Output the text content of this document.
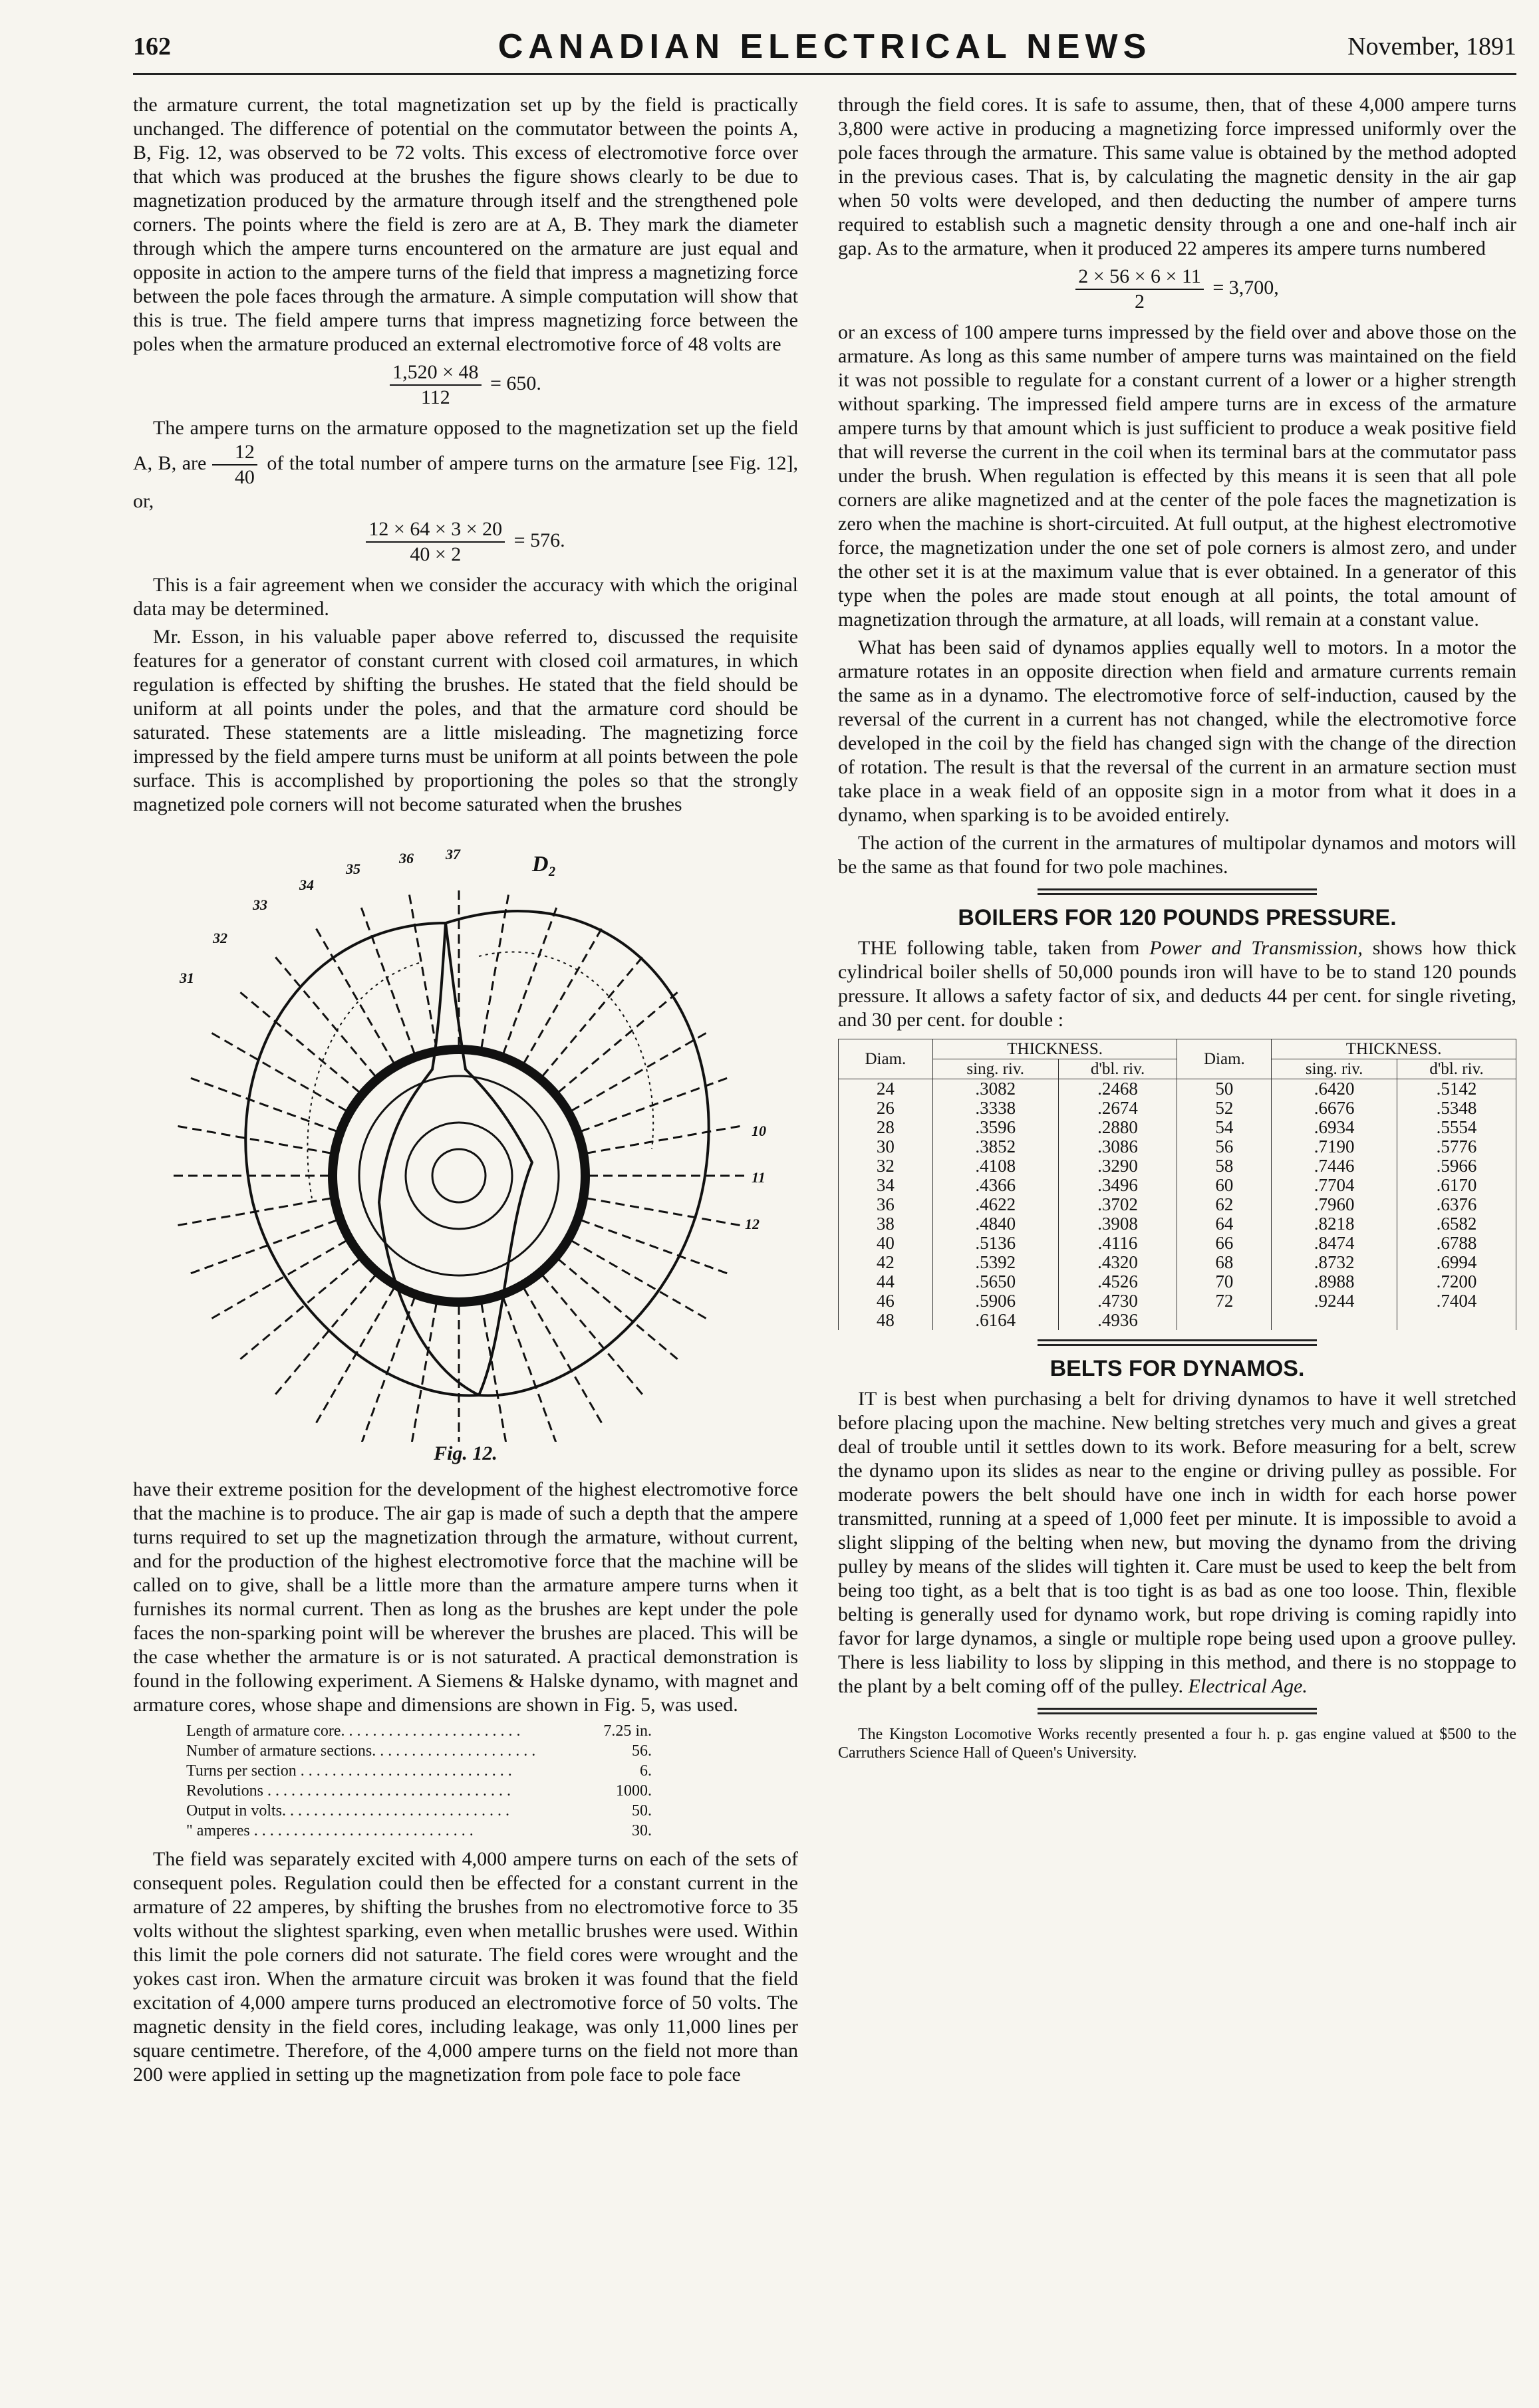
162	CANADIAN ELECTRICAL NEWS	November, 1891

the armature current, the total magnetization set up by the field is practically unchanged. The difference of potential on the commutator between the points A, B, Fig. 12, was observed to be 72 volts. This excess of electromotive force over that which was produced at the brushes the figure shows clearly to be due to magnetization produced by the armature through itself and the strengthened pole corners. The points where the field is zero are at A, B. They mark the diameter through which the ampere turns encountered on the armature are just equal and opposite in action to the ampere turns of the field that impress a magnetizing force between the pole faces through the armature. A simple computation will show that this is true. The field ampere turns that impress magnetizing force between the poles when the armature produced an external electromotive force of 48 volts are

$\frac{1,520 \times 48}{112} = 650$.

The ampere turns on the armature opposed to the magnetization set up the field A, B, are $\frac{12}{40}$ of the total number of ampere turns on the armature [see Fig. 12], or,

$\frac{12 \times 64 \times 3 \times 20}{40 \times 2} = 576$.

This is a fair agreement when we consider the accuracy with which the original data may be determined.

Mr. Esson, in his valuable paper above referred to, discussed the requisite features for a generator of constant current with closed coil armatures, in which regulation is effected by shifting the brushes. He stated that the field should be uniform at all points under the poles, and that the armature cord should be saturated. These statements are a little misleading. The magnetizing force impressed by the field ampere turns must be uniform at all points between the pole surface. This is accomplished by proportioning the poles so that the strongly magnetized pole corners will not become saturated when the brushes

D₂
10
11
12
31
32
33
34
35
36 37
Fig. 12.

have their extreme position for the development of the highest electromotive force that the machine is to produce. The air gap is made of such a depth that the ampere turns required to set up the magnetization through the armature, without current, and for the production of the highest electromotive force that the machine will be called on to give, shall be a little more than the armature ampere turns when it furnishes its normal current. Then as long as the brushes are kept under the pole faces the non-sparking point will be wherever the brushes are placed. This will be the case whether the armature is or is not saturated. A practical demonstration is found in the following experiment. A Siemens & Halske dynamo, with magnet and armature cores, whose shape and dimensions are shown in Fig. 5, was used.

Length of armature core. . . . . . . . . . . . . . . . . . . . . . .	7.25 in.
Number of armature sections. . . . . . . . . . . . . . . . . . . . .	56.
Turns per section . . . . . . . . . . . . . . . . . . . . . . . . . . .	6.
Revolutions . . . . . . . . . . . . . . . . . . . . . . . . . . . . . . .	1000.
Output in volts. . . . . . . . . . . . . . . . . . . . . . . . . . . . .	50.
" amperes . . . . . . . . . . . . . . . . . . . . . . . . . . . .	30.

The field was separately excited with 4,000 ampere turns on each of the sets of consequent poles. Regulation could then be effected for a constant current in the armature of 22 amperes, by shifting the brushes from no electromotive force to 35 volts without the slightest sparking, even when metallic brushes were used. Within this limit the pole corners did not saturate. The field cores were wrought and the yokes cast iron. When the armature circuit was broken it was found that the field excitation of 4,000 ampere turns produced an electromotive force of 50 volts. The magnetic density in the field cores, including leakage, was only 11,000 lines per square centimetre. Therefore, of the 4,000 ampere turns on the field not more than 200 were applied in setting up the magnetization from pole face to pole face

through the field cores. It is safe to assume, then, that of these 4,000 ampere turns 3,800 were active in producing a magnetizing force impressed uniformly over the pole faces through the armature. This same value is obtained by the method adopted in the previous cases. That is, by calculating the magnetic density in the air gap when 50 volts were developed, and then deducting the number of ampere turns required to establish such a magnetic density through a one and one-half inch air gap. As to the armature, when it produced 22 amperes its ampere turns numbered

$\frac{2 \times 56 \times 6 \times 11}{2} = 3,700$,

or an excess of 100 ampere turns impressed by the field over and above those on the armature. As long as this same number of ampere turns was maintained on the field it was not possible to regulate for a constant current of a lower or a higher strength without sparking. The impressed field ampere turns are in excess of the armature ampere turns by that amount which is just sufficient to produce a weak positive field that will reverse the current in the coil when its terminal bars at the commutator pass under the brush. When regulation is effected by this means it is seen that all pole corners are alike magnetized and at the center of the pole faces the magnetization is zero when the machine is short-circuited. At full output, at the highest electromotive force, the magnetization under the one set of pole corners is almost zero, and under the other set it is at the maximum value that is ever obtained. In a generator of this type when the poles are made stout enough at all points, the total amount of magnetization through the armature, at all loads, will remain at a constant value.

What has been said of dynamos applies equally well to motors. In a motor the armature rotates in an opposite direction when field and armature currents remain the same as in a dynamo. The electromotive force of self-induction, caused by the reversal of the current in a current has not changed, while the electromotive force developed in the coil by the field has changed sign with the change of the direction of rotation. The result is that the reversal of the current in an armature section must take place in a weak field of an opposite sign in a motor from what it does in a dynamo, when sparking is to be avoided entirely.

The action of the current in the armatures of multipolar dynamos and motors will be the same as that found for two pole machines.

BOILERS FOR 120 POUNDS PRESSURE.

THE following table, taken from Power and Transmission, shows how thick cylindrical boiler shells of 50,000 pounds iron will have to be to stand 120 pounds pressure. It allows a safety factor of six, and deducts 44 per cent. for single riveting, and 30 per cent. for double :

Diam.	THICKNESS.		Diam.	THICKNESS.	
	sing. riv.	d'bl. riv.		sing. riv.	d'bl. riv.
24	.3082	.2468	50	.6420	.5142
26	.3338	.2674	52	.6676	.5348
28	.3596	.2880	54	.6934	.5554
30	.3852	.3086	56	.7190	.5776
32	.4108	.3290	58	.7446	.5966
34	.4366	.3496	60	.7704	.6170
36	.4622	.3702	62	.7960	.6376
38	.4840	.3908	64	.8218	.6582
40	.5136	.4116	66	.8474	.6788
42	.5392	.4320	68	.8732	.6994
44	.5650	.4526	70	.8988	.7200
46	.5906	.4730	72	.9244	.7404
48	.6164	.4936			
BELTS FOR DYNAMOS.

IT is best when purchasing a belt for driving dynamos to have it well stretched before placing upon the machine. New belting stretches very much and gives a great deal of trouble until it settles down to its work. Before measuring for a belt, screw the dynamo upon its slides as near to the engine or driving pulley as possible. For moderate powers the belt should have one inch in width for each horse power transmitted, running at a speed of 1,000 feet per minute. It is impossible to avoid a slight slipping of the belting when new, but moving the dynamo from the driving pulley by means of the slides will tighten it. Care must be used to keep the belt from being too tight, as a belt that is too tight is as bad as one too loose. Thin, flexible belting is generally used for dynamo work, but rope driving is coming rapidly into favor for large dynamos, a single or multiple rope being used upon a groove pulley. There is less liability to loss by slipping in this method, and there is no stoppage to the plant by a belt coming off of the pulley. Electrical Age.

The Kingston Locomotive Works recently presented a four h. p. gas engine valued at $500 to the Carruthers Science Hall of Queen's University.
